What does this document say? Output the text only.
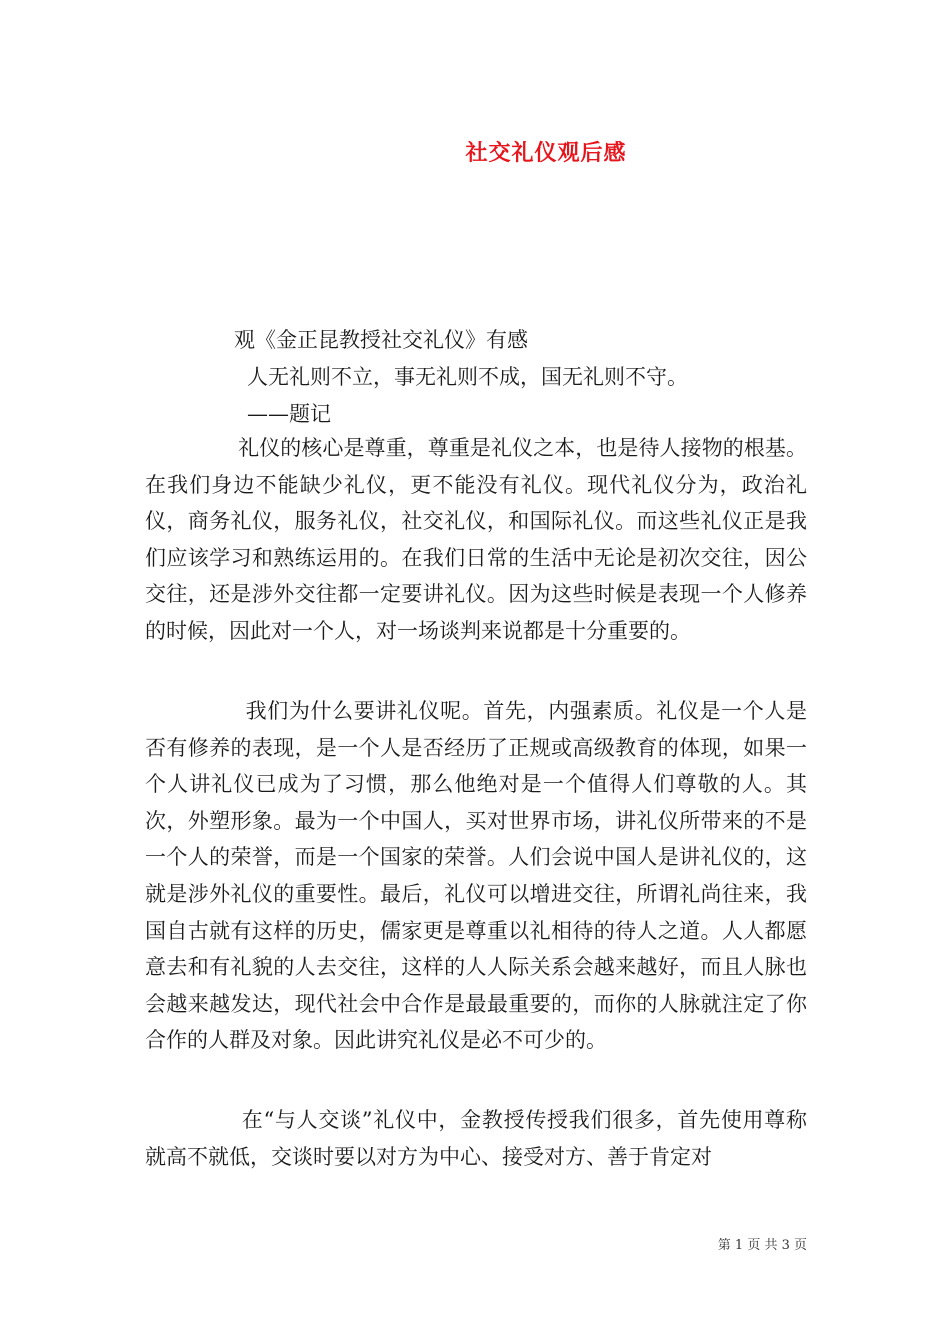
社交礼仪观后感
观《金正昆教授社交礼仪》有感
人无礼则不立，事无礼则不成，国无礼则不守。
——题记

礼仪的核心是尊重，尊重是礼仪之本，也是待人接物的根基。在我们身边不能缺少礼仪，更不能没有礼仪。现代礼仪分为，政治礼仪，商务礼仪，服务礼仪，社交礼仪，和国际礼仪。而这些礼仪正是我们应该学习和熟练运用的。在我们日常的生活中无论是初次交往，因公交往，还是涉外交往都一定要讲礼仪。因为这些时候是表现一个人修养的时候，因此对一个人，对一场谈判来说都是十分重要的。

我们为什么要讲礼仪呢。首先，内强素质。礼仪是一个人是否有修养的表现，是一个人是否经历了正规或高级教育的体现，如果一个人讲礼仪已成为了习惯，那么他绝对是一个值得人们尊敬的人。其次，外塑形象。最为一个中国人，买对世界市场，讲礼仪所带来的不是一个人的荣誉，而是一个国家的荣誉。人们会说中国人是讲礼仪的，这就是涉外礼仪的重要性。最后，礼仪可以增进交往，所谓礼尚往来，我国自古就有这样的历史，儒家更是尊重以礼相待的待人之道。人人都愿意去和有礼貌的人去交往，这样的人人际关系会越来越好，而且人脉也会越来越发达，现代社会中合作是最最重要的，而你的人脉就注定了你合作的人群及对象。因此讲究礼仪是必不可少的。

在“与人交谈”礼仪中，金教授传授我们很多，首先使用尊称就高不就低，交谈时要以对方为中心、接受对方、善于肯定对

第 1 页 共 3 页
